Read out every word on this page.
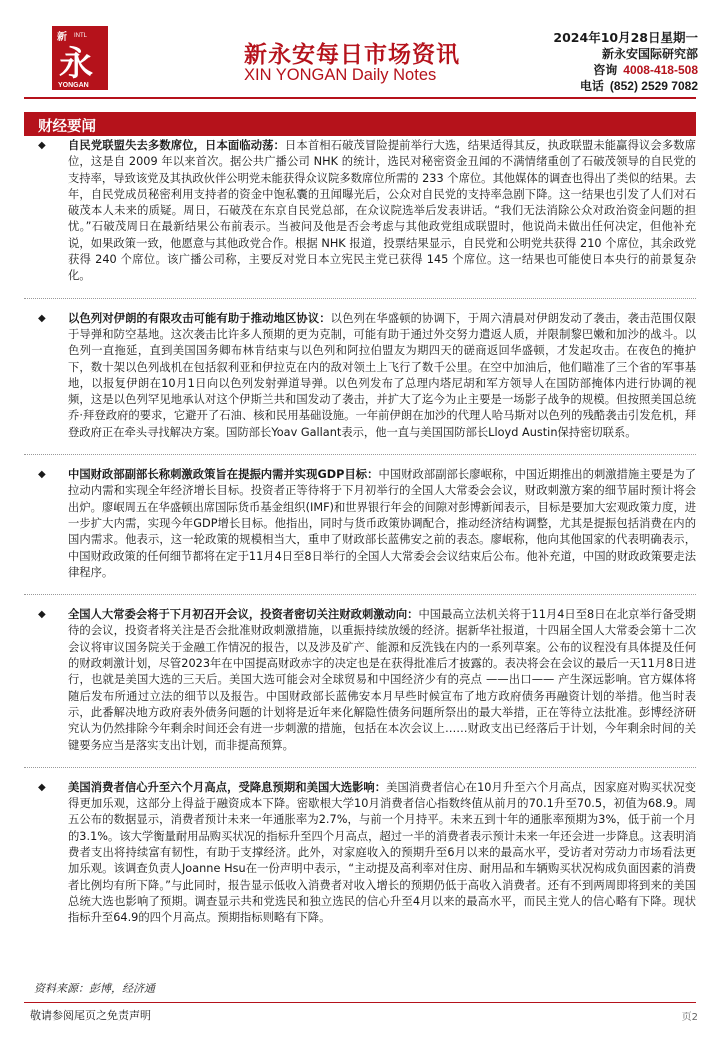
新 INTL
永
YONGAN
新永安每日市场资讯
XIN YONGAN Daily Notes
2024年10月28日星期一
新永安国际研究部
咨询 4008-418-508
电话 (852) 2529 7082
财经要闻
◆ 自民党联盟失去多数席位，日本面临动荡：日本首相石破茂冒险提前举行大选，结果适得其反，执政联盟未能赢得议会多数席位，这是自 2009 年以来首次。据公共广播公司 NHK 的统计，选民对秘密资金丑闻的不满情绪重创了石破茂领导的自民党的支持率，导致该党及其执政伙伴公明党未能获得众议院多数席位所需的 233 个席位。其他媒体的调查也得出了类似的结果。去年，自民党成员秘密利用支持者的资金中饱私囊的丑闻曝光后，公众对自民党的支持率急剧下降。这一结果也引发了人们对石破茂本人未来的质疑。周日，石破茂在东京自民党总部，在众议院选举后发表讲话。“我们无法消除公众对政治资金问题的担忧。”石破茂周日在最新结果公布前表示。当被问及他是否会考虑与其他政党组成联盟时，他说尚未做出任何决定，但他补充说，如果政策一致，他愿意与其他政党合作。根据 NHK 报道，投票结果显示，自民党和公明党共获得 210 个席位，其余政党获得 240 个席位。该广播公司称，主要反对党日本立宪民主党已获得 145 个席位。这一结果也可能使日本央行的前景复杂化。

◆ 以色列对伊朗的有限攻击可能有助于推动地区协议：以色列在华盛顿的协调下，于周六清晨对伊朗发动了袭击，袭击范围仅限于导弹和防空基地。这次袭击比许多人预期的更为克制，可能有助于通过外交努力遣返人质，并限制黎巴嫩和加沙的战斗。以色列一直拖延，直到美国国务卿布林肯结束与以色列和阿拉伯盟友为期四天的磋商返回华盛顿，才发起攻击。在夜色的掩护下，数十架以色列战机在包括叙利亚和伊拉克在内的敌对领土上飞行了数千公里。在空中加油后，他们瞄准了三个省的军事基地，以报复伊朗在10月1日向以色列发射弹道导弹。以色列发布了总理内塔尼胡和军方领导人在国防部掩体内进行协调的视频，这是以色列罕见地承认对这个伊斯兰共和国发动了袭击，并扩大了迄今为止主要是一场影子战争的规模。但按照美国总统乔·拜登政府的要求，它避开了石油、核和民用基础设施。一年前伊朗在加沙的代理人哈马斯对以色列的残酷袭击引发危机，拜登政府正在牵头寻找解决方案。国防部长Yoav Gallant表示，他一直与美国国防部长Lloyd Austin保持密切联系。

◆ 中国财政部副部长称刺激政策旨在提振内需并实现GDP目标：中国财政部副部长廖岷称，中国近期推出的刺激措施主要是为了拉动内需和实现全年经济增长目标。投资者正等待将于下月初举行的全国人大常委会会议，财政刺激方案的细节届时预计将会出炉。廖岷周五在华盛顿出席国际货币基金组织(IMF)和世界银行年会的间隙对彭博新闻表示，目标是要加大宏观政策力度，进一步扩大内需，实现今年GDP增长目标。他指出，同时与货币政策协调配合，推动经济结构调整，尤其是提振包括消费在内的国内需求。他表示，这一轮政策的规模相当大，重申了财政部长蓝佛安之前的表态。廖岷称，他向其他国家的代表明确表示，中国财政政策的任何细节都将在定于11月4日至8日举行的全国人大常委会会议结束后公布。他补充道，中国的财政政策要走法律程序。

◆ 全国人大常委会将于下月初召开会议，投资者密切关注财政刺激动向：中国最高立法机关将于11月4日至8日在北京举行备受期待的会议，投资者将关注是否会批准财政刺激措施，以重振持续放缓的经济。据新华社报道，十四届全国人大常委会第十二次会议将审议国务院关于金融工作情况的报告，以及涉及矿产、能源和反洗钱在内的一系列草案。公布的议程没有具体提及任何的财政刺激计划，尽管2023年在中国提高财政赤字的决定也是在获得批准后才披露的。表决将会在会议的最后一天11月8日进行，也就是美国大选的三天后。美国大选可能会对全球贸易和中国经济少有的亮点 ——出口—— 产生深远影响。官方媒体将随后发布所通过立法的细节以及报告。中国财政部长蓝佛安本月早些时候宣布了地方政府债务再融资计划的举措。他当时表示，此番解决地方政府表外债务问题的计划将是近年来化解隐性债务问题所祭出的最大举措，正在等待立法批准。彭博经济研究认为仍然排除今年剩余时间还会有进一步刺激的措施，包括在本次会议上……财政支出已经落后于计划，今年剩余时间的关键要务应当是落实支出计划，而非提高预算。

◆ 美国消费者信心升至六个月高点，受降息预期和美国大选影响：美国消费者信心在10月升至六个月高点，因家庭对购买状况变得更加乐观，这部分上得益于融资成本下降。密歇根大学10月消费者信心指数终值从前月的70.1升至70.5，初值为68.9。周五公布的数据显示，消费者预计未来一年通胀率为2.7%，与前一个月持平。未来五到十年的通胀率预期为3%，低于前一个月的3.1%。该大学衡量耐用品购买状况的指标升至四个月高点，超过一半的消费者表示预计未来一年还会进一步降息。这表明消费者支出将持续富有韧性，有助于支撑经济。此外，对家庭收入的预期升至6月以来的最高水平，受访者对劳动力市场看法更加乐观。该调查负责人Joanne Hsu在一份声明中表示，“主动提及高利率对住房、耐用品和车辆购买状况构成负面因素的消费者比例均有所下降。”与此同时，报告显示低收入消费者对收入增长的预期仍低于高收入消费者。还有不到两周即将到来的美国总统大选也影响了预期。调查显示共和党选民和独立选民的信心升至4月以来的最高水平，而民主党人的信心略有下降。现状指标升至64.9的四个月高点。预期指标则略有下降。

资料来源：彭博，经济通
敬请参阅尾页之免责声明	页2
